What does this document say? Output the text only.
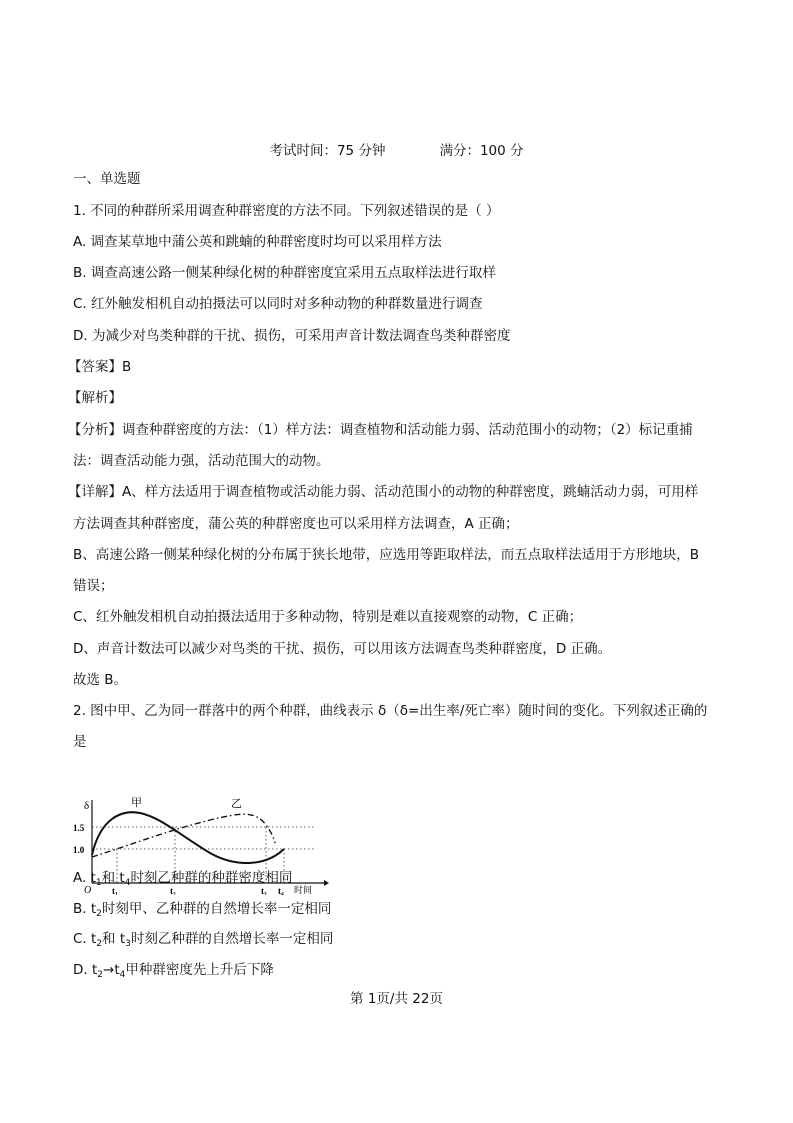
考试时间：75 分钟	满分：100 分
一、单选题
1. 不同的种群所采用调查种群密度的方法不同。下列叙述错误的是（ ）
A. 调查某草地中蒲公英和跳蝻的种群密度时均可以采用样方法
B. 调查高速公路一侧某种绿化树的种群密度宜采用五点取样法进行取样
C. 红外触发相机自动拍摄法可以同时对多种动物的种群数量进行调查
D. 为减少对鸟类种群的干扰、损伤，可采用声音计数法调查鸟类种群密度
【答案】B
【解析】
【分析】调查种群密度的方法：（1）样方法：调查植物和活动能力弱、活动范围小的动物；（2）标记重捕
法：调查活动能力强，活动范围大的动物。
【详解】A、样方法适用于调查植物或活动能力弱、活动范围小的动物的种群密度，跳蝻活动力弱，可用样
方法调查其种群密度，蒲公英的种群密度也可以采用样方法调查，A 正确；
B、高速公路一侧某种绿化树的分布属于狭长地带，应选用等距取样法，而五点取样法适用于方形地块，B
错误；
C、红外触发相机自动拍摄法适用于多种动物，特别是难以直接观察的动物，C 正确；
D、声音计数法可以减少对鸟类的干扰、损伤，可以用该方法调查鸟类种群密度，D 正确。
故选 B。
2. 图中甲、乙为同一群落中的两个种群，曲线表示 δ（δ=出生率/死亡率）随时间的变化。下列叙述正确的
是
δ	甲	乙
1.5
1.0
O t₁	t₂	t₃ t₄ 时间
A. $t_1$和 $t_4$时刻乙种群的种群密度相同
B. $t_2$时刻甲、乙种群的自然增长率一定相同
C. $t_2$和 $t_3$时刻乙种群的自然增长率一定相同
D. $t_2\to t_4$甲种群密度先上升后下降
第 1页/共 22页
